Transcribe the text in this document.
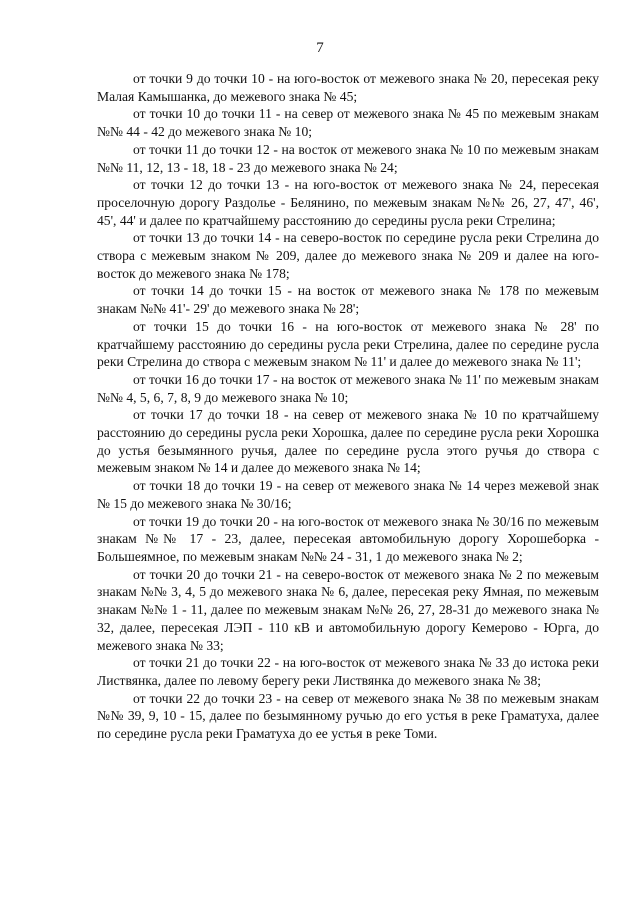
7

от точки 9 до точки 10 - на юго-восток от межевого знака № 20, пересекая реку Малая Камышанка, до межевого знака № 45;

от точки 10 до точки 11 - на север от межевого знака № 45 по межевым знакам №№ 44 - 42 до межевого знака № 10;

от точки 11 до точки 12 - на восток от межевого знака № 10 по межевым знакам №№ 11, 12, 13 - 18, 18 - 23 до межевого знака № 24;

от точки 12 до точки 13 - на юго-восток от межевого знака № 24, пересекая проселочную дорогу Раздолье - Белянино, по межевым знакам №№ 26, 27, 47', 46', 45', 44' и далее по кратчайшему расстоянию до середины русла реки Стрелина;

от точки 13 до точки 14 - на северо-восток по середине русла реки Стрелина до створа с межевым знаком № 209, далее до межевого знака № 209 и далее на юго-восток до межевого знака № 178;

от точки 14 до точки 15 - на восток от межевого знака № 178 по межевым знакам №№ 41'- 29' до межевого знака № 28';

от точки 15 до точки 16 - на юго-восток от межевого знака № 28' по кратчайшему расстоянию до середины русла реки Стрелина, далее по середине русла реки Стрелина до створа с межевым знаком № 11' и далее до межевого знака № 11';

от точки 16 до точки 17 - на восток от межевого знака № 11' по межевым знакам №№ 4, 5, 6, 7, 8, 9 до межевого знака № 10;

от точки 17 до точки 18 - на север от межевого знака № 10 по кратчайшему расстоянию до середины русла реки Хорошка, далее по середине русла реки Хорошка до устья безымянного ручья, далее по середине русла этого ручья до створа с межевым знаком № 14 и далее до межевого знака № 14;

от точки 18 до точки 19 - на север от межевого знака № 14 через межевой знак № 15 до межевого знака № 30/16;

от точки 19 до точки 20 - на юго-восток от межевого знака № 30/16 по межевым знакам №№ 17 - 23, далее, пересекая автомобильную дорогу Хорошеборка - Большеямное, по межевым знакам №№ 24 - 31, 1 до межевого знака № 2;

от точки 20 до точки 21 - на северо-восток от межевого знака № 2 по межевым знакам №№ 3, 4, 5 до межевого знака № 6, далее, пересекая реку Ямная, по межевым знакам №№ 1 - 11, далее по межевым знакам №№ 26, 27, 28-31 до межевого знака № 32, далее, пересекая ЛЭП - 110 кВ и автомобильную дорогу Кемерово - Юрга, до межевого знака № 33;

от точки 21 до точки 22 - на юго-восток от межевого знака № 33 до истока реки Листвянка, далее по левому берегу реки Листвянка до межевого знака № 38;

от точки 22 до точки 23 - на север от межевого знака № 38 по межевым знакам №№ 39, 9, 10 - 15, далее по безымянному ручью до его устья в реке Граматуха, далее по середине русла реки Граматуха до ее устья в реке Томи.
